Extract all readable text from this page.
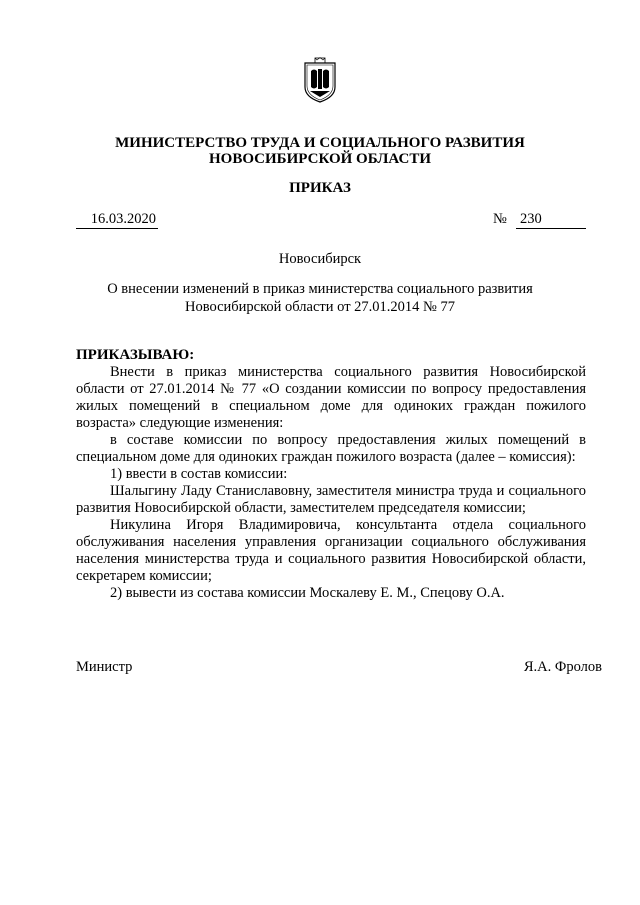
МИНИСТЕРСТВО ТРУДА И СОЦИАЛЬНОГО РАЗВИТИЯ
НОВОСИБИРСКОЙ ОБЛАСТИ
ПРИКАЗ
16.03.2020	№ 230
Новосибирск
О внесении изменений в приказ министерства социального развития
Новосибирской области от 27.01.2014 № 77

ПРИКАЗЫВАЮ:

Внести в приказ министерства социального развития Новосибирской области от 27.01.2014 № 77 «О создании комиссии по вопросу предоставления жилых помещений в специальном доме для одиноких граждан пожилого возраста» следующие изменения:

в составе комиссии по вопросу предоставления жилых помещений в специальном доме для одиноких граждан пожилого возраста (далее – комиссия):

1) ввести в состав комиссии:

Шалыгину Ладу Станиславовну, заместителя министра труда и социального развития Новосибирской области, заместителем председателя комиссии;

Никулина Игоря Владимировича, консультанта отдела социального обслуживания населения управления организации социального обслуживания населения министерства труда и социального развития Новосибирской области, секретарем комиссии;

2) вывести из состава комиссии Москалеву Е. М., Спецову О.А.

Министр	Я.А. Фролов
